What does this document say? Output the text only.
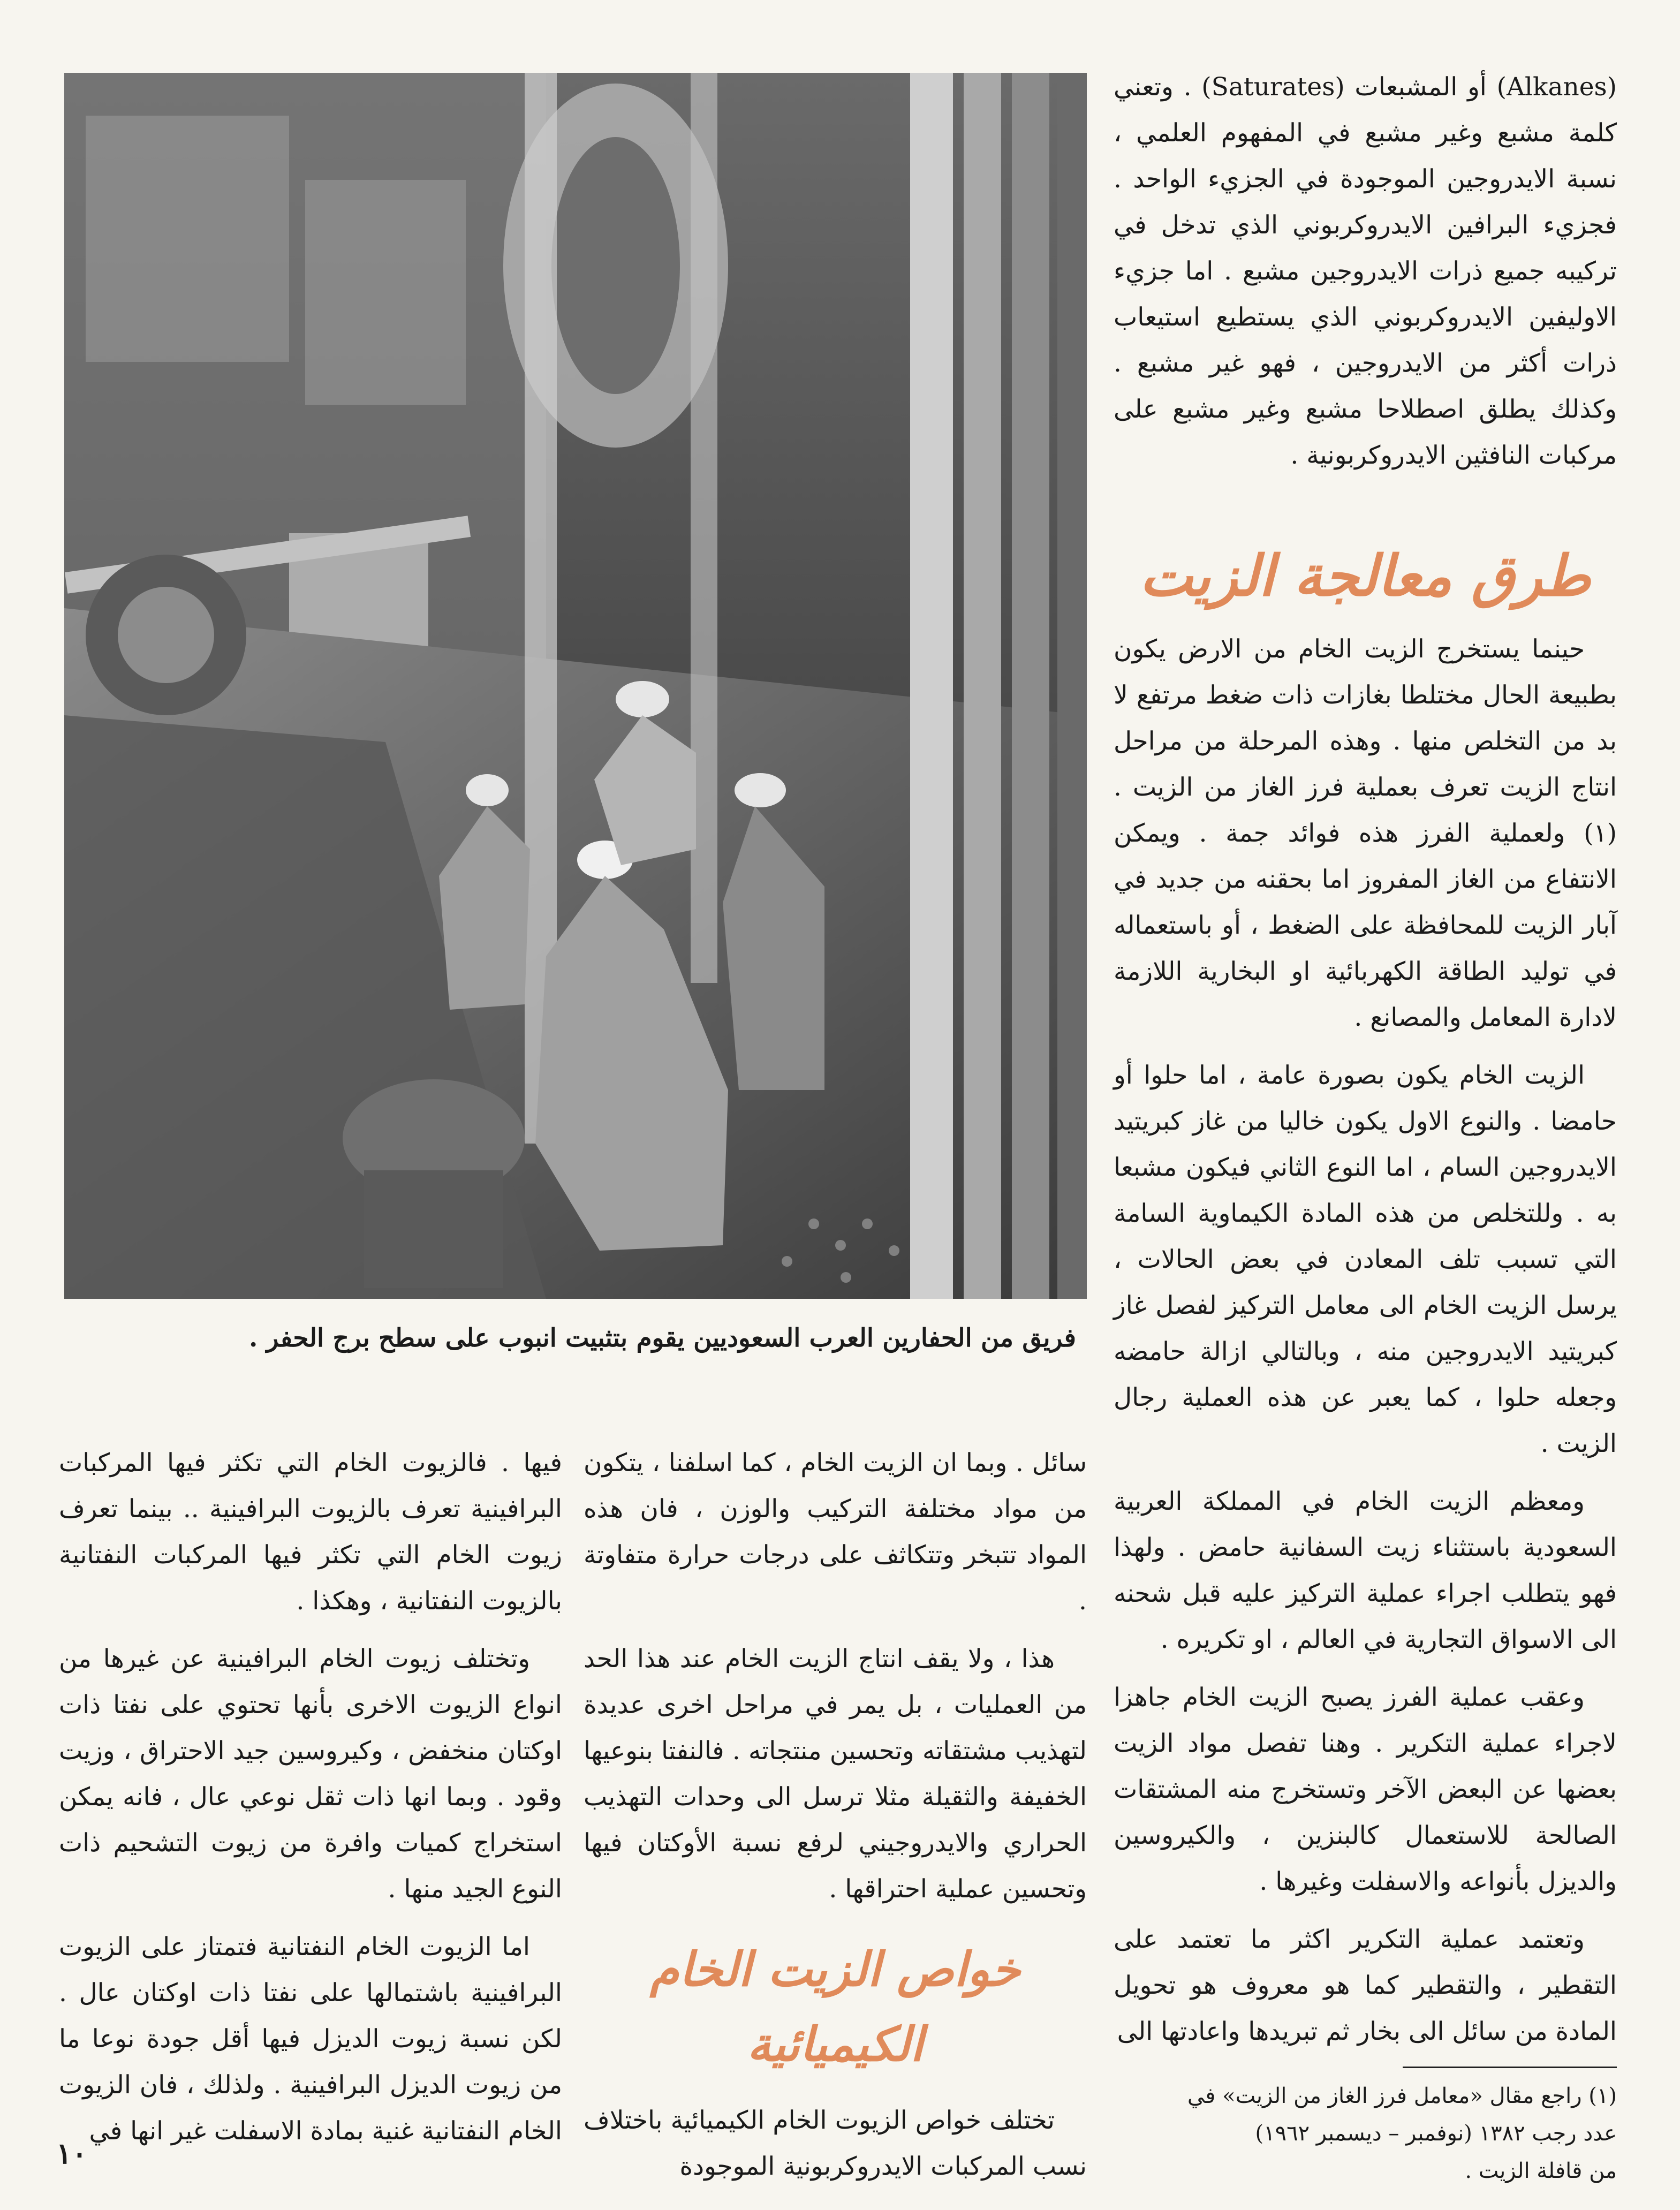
(Alkanes) أو المشبعات (Saturates) . وتعني كلمة مشبع وغير مشبع في المفهوم العلمي ، نسبة الايدروجين الموجودة في الجزيء الواحد . فجزيء البرافين الايدروكربوني الذي تدخل في تركيبه جميع ذرات الايدروجين مشبع . اما جزيء الاوليفين الايدروكربوني الذي يستطيع استيعاب ذرات أكثر من الايدروجين ، فهو غير مشبع . وكذلك يطلق اصطلاحا مشبع وغير مشبع على مركبات النافثين الايدروكربونية .

طرق معالجة الزيت

حينما يستخرج الزيت الخام من الارض يكون بطبيعة الحال مختلطا بغازات ذات ضغط مرتفع لا بد من التخلص منها . وهذه المرحلة من مراحل انتاج الزيت تعرف بعملية فرز الغاز من الزيت .(١) ولعملية الفرز هذه فوائد جمة . ويمكن الانتفاع من الغاز المفروز اما بحقنه من جديد في آبار الزيت للمحافظة على الضغط ، أو باستعماله في توليد الطاقة الكهربائية او البخارية اللازمة لادارة المعامل والمصانع .

الزيت الخام يكون بصورة عامة ، اما حلوا أو حامضا . والنوع الاول يكون خاليا من غاز كبريتيد الايدروجين السام ، اما النوع الثاني فيكون مشبعا به . وللتخلص من هذه المادة الكيماوية السامة التي تسبب تلف المعادن في بعض الحالات ، يرسل الزيت الخام الى معامل التركيز لفصل غاز كبريتيد الايدروجين منه ، وبالتالي ازالة حامضه وجعله حلوا ، كما يعبر عن هذه العملية رجال الزيت .

ومعظم الزيت الخام في المملكة العربية السعودية باستثناء زيت السفانية حامض . ولهذا فهو يتطلب اجراء عملية التركيز عليه قبل شحنه الى الاسواق التجارية في العالم ، او تكريره .

وعقب عملية الفرز يصبح الزيت الخام جاهزا لاجراء عملية التكرير . وهنا تفصل مواد الزيت بعضها عن البعض الآخر وتستخرج منه المشتقات الصالحة للاستعمال كالبنزين ، والكيروسين والديزل بأنواعه والاسفلت وغيرها .

وتعتمد عملية التكرير اكثر ما تعتمد على التقطير ، والتقطير كما هو معروف هو تحويل المادة من سائل الى بخار ثم تبريدها واعادتها الى

(١) راجع مقال «معامل فرز الغاز من الزيت» في
عدد رجب ١٣٨٢ (نوفمبر – ديسمبر ١٩٦٢)
من قافلة الزيت .
فريق من الحفارين العرب السعوديين يقوم بتثبيت انبوب على سطح برج الحفر .

سائل . وبما ان الزيت الخام ، كما اسلفنا ، يتكون من مواد مختلفة التركيب والوزن ، فان هذه المواد تتبخر وتتكاثف على درجات حرارة متفاوتة .

هذا ، ولا يقف انتاج الزيت الخام عند هذا الحد من العمليات ، بل يمر في مراحل اخرى عديدة لتهذيب مشتقاته وتحسين منتجاته . فالنفتا بنوعيها الخفيفة والثقيلة مثلا ترسل الى وحدات التهذيب الحراري والايدروجيني لرفع نسبة الأوكتان فيها وتحسين عملية احتراقها .

خواص الزيت الخام الكيميائية

تختلف خواص الزيوت الخام الكيميائية باختلاف نسب المركبات الايدروكربونية الموجودة

فيها . فالزيوت الخام التي تكثر فيها المركبات البرافينية تعرف بالزيوت البرافينية .. بينما تعرف زيوت الخام التي تكثر فيها المركبات النفتانية بالزيوت النفتانية ، وهكذا .

وتختلف زيوت الخام البرافينية عن غيرها من انواع الزيوت الاخرى بأنها تحتوي على نفتا ذات اوكتان منخفض ، وكيروسين جيد الاحتراق ، وزيت وقود . وبما انها ذات ثقل نوعي عال ، فانه يمكن استخراج كميات وافرة من زيوت التشحيم ذات النوع الجيد منها .

اما الزيوت الخام النفتانية فتمتاز على الزيوت البرافينية باشتمالها على نفتا ذات اوكتان عال . لكن نسبة زيوت الديزل فيها أقل جودة نوعا ما من زيوت الديزل البرافينية . ولذلك ، فان الزيوت الخام النفتانية غنية بمادة الاسفلت غير انها في

١٠
